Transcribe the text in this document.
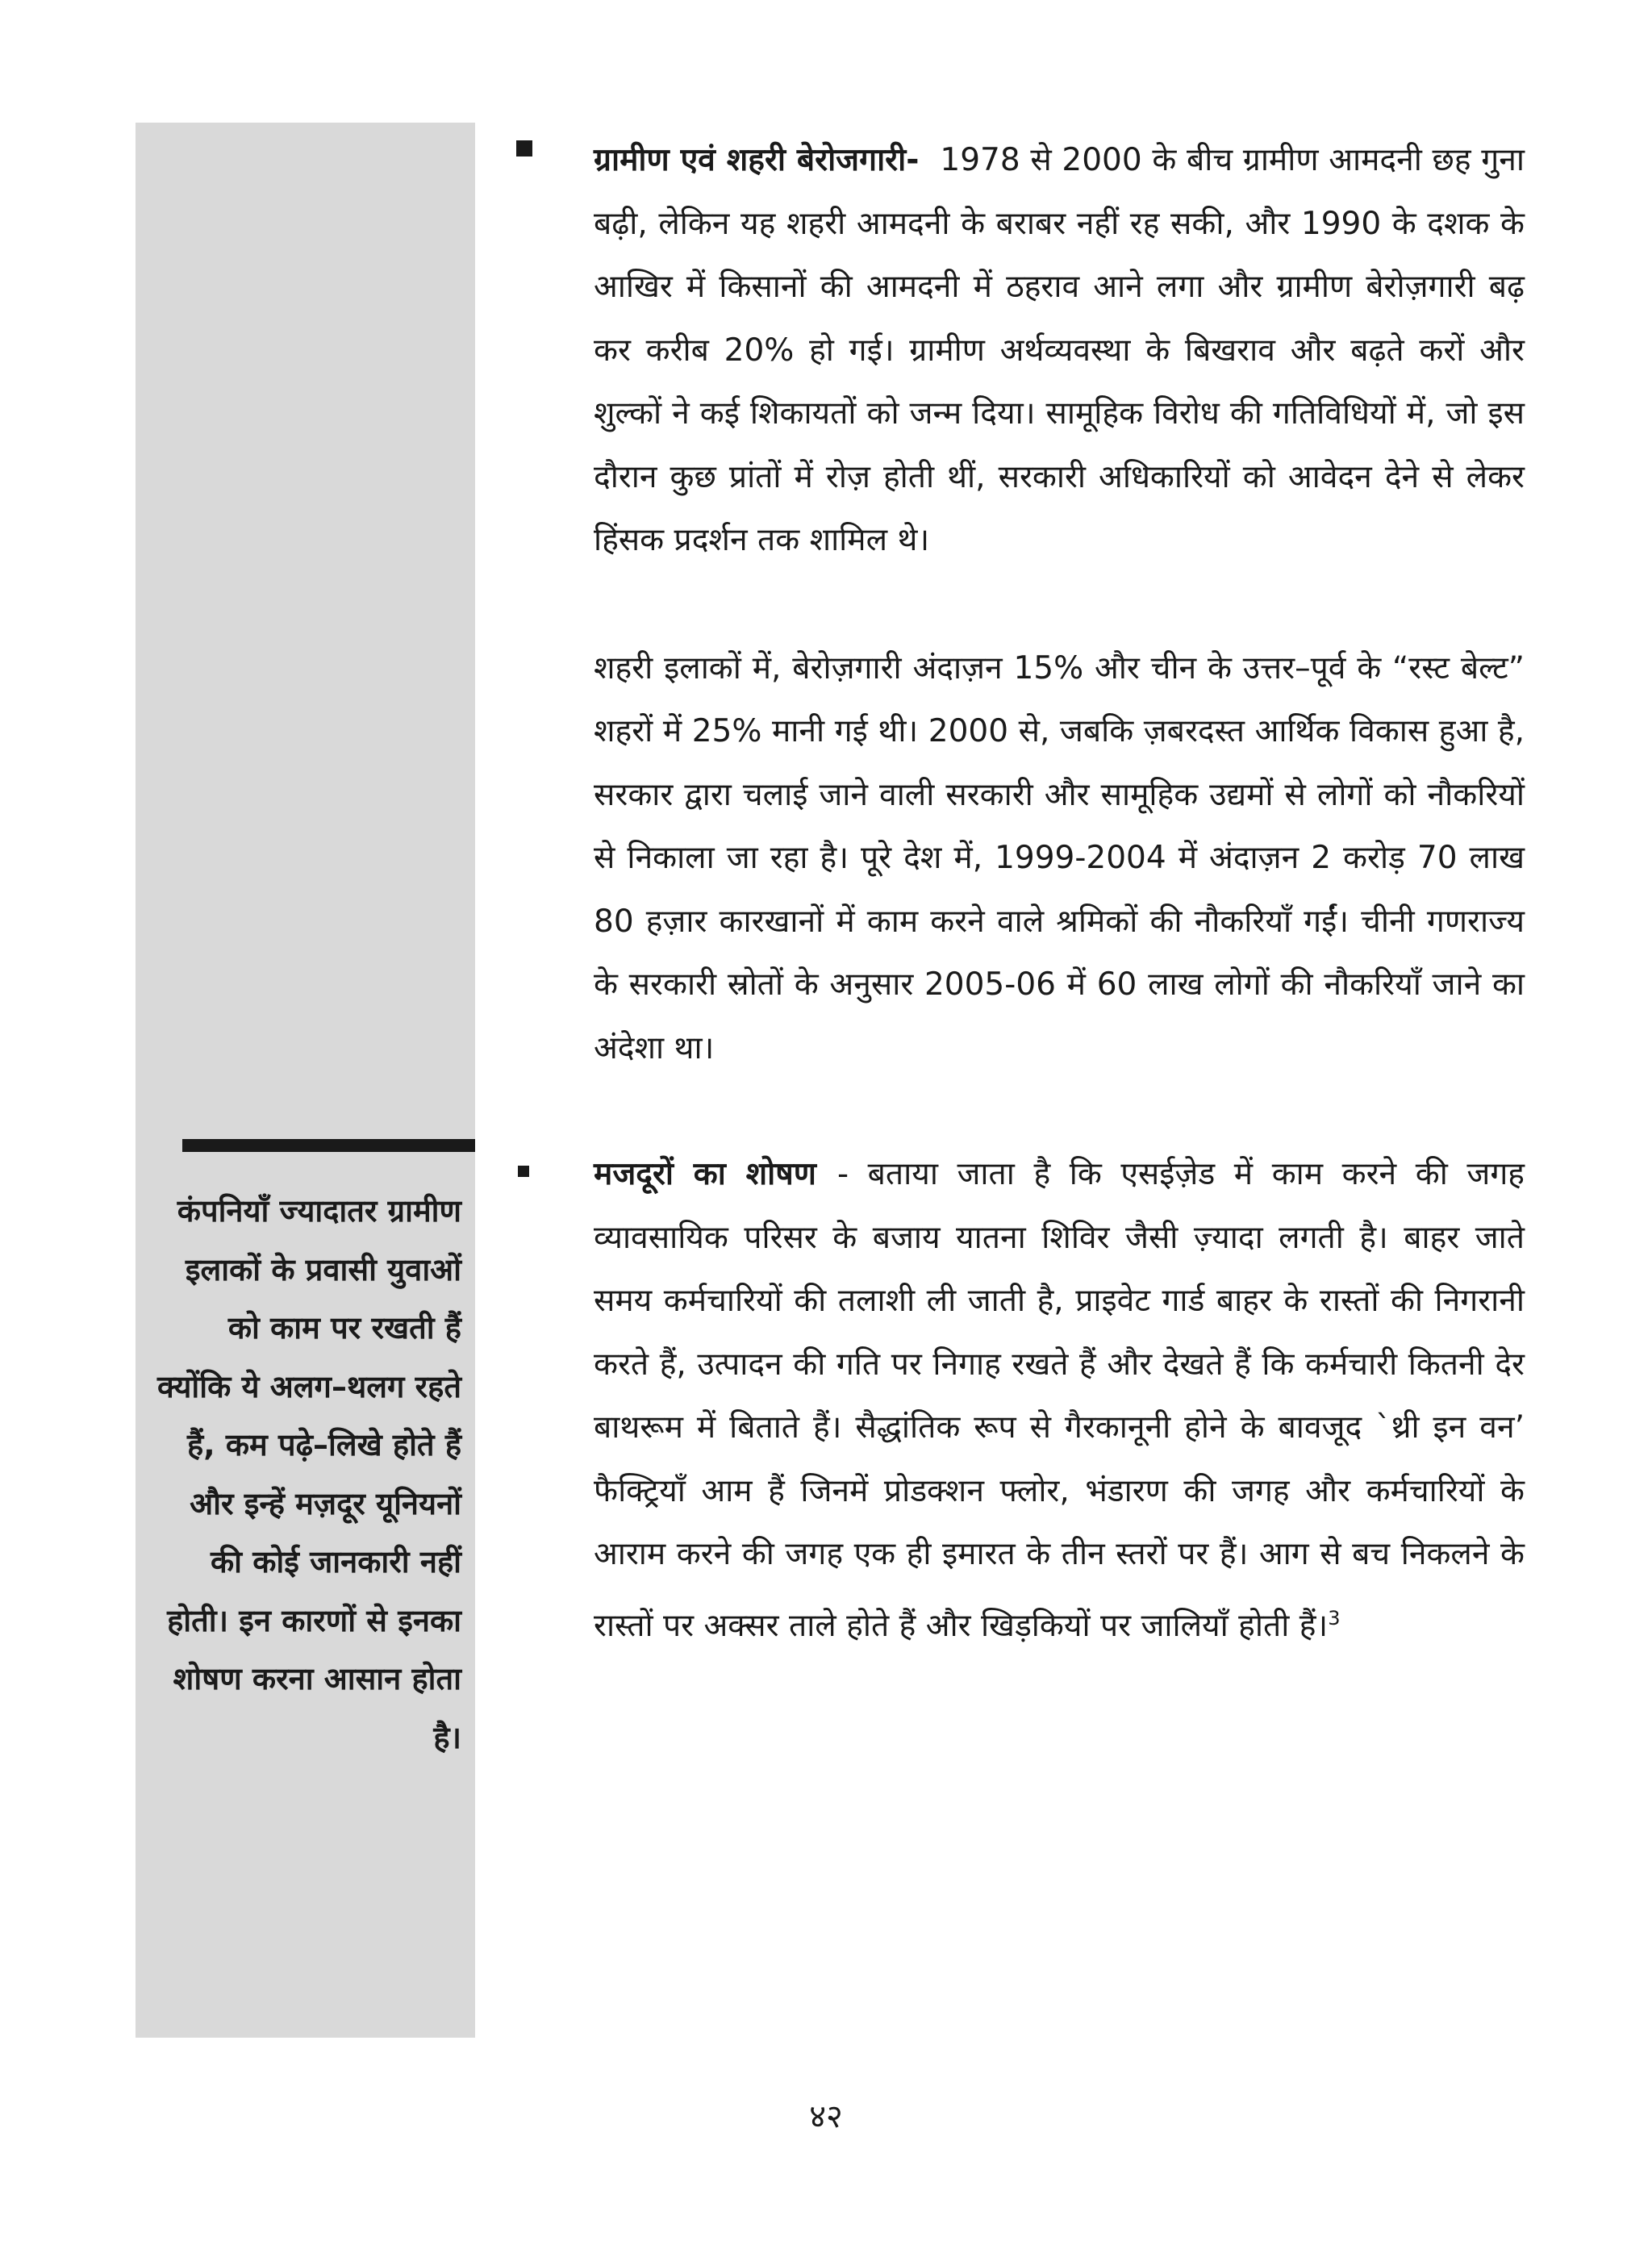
कंपनियाँ ज्यादातर ग्रामीण इलाकों के प्रवासी युवाओं को काम पर रखती हैं क्योंकि ये अलग–थलग रहते हैं, कम पढ़े–लिखे होते हैं और इन्हें मज़दूर यूनियनों की कोई जानकारी नहीं होती। इन कारणों से इनका शोषण करना आसान होता है।

ग्रामीण एवं शहरी बेरोजगारी- 1978 से 2000 के बीच ग्रामीण आमदनी छह गुना बढ़ी, लेकिन यह शहरी आमदनी के बराबर नहीं रह सकी, और 1990 के दशक के आखिर में किसानों की आमदनी में ठहराव आने लगा और ग्रामीण बेरोज़गारी बढ़ कर करीब 20% हो गई। ग्रामीण अर्थव्यवस्था के बिखराव और बढ़ते करों और शुल्कों ने कई शिकायतों को जन्म दिया। सामूहिक विरोध की गतिविधियों में, जो इस दौरान कुछ प्रांतों में रोज़ होती थीं, सरकारी अधिकारियों को आवेदन देने से लेकर हिंसक प्रदर्शन तक शामिल थे।

शहरी इलाकों में, बेरोज़गारी अंदाज़न 15% और चीन के उत्तर–पूर्व के “रस्ट बेल्ट” शहरों में 25% मानी गई थी। 2000 से, जबकि ज़बरदस्त आर्थिक विकास हुआ है, सरकार द्वारा चलाई जाने वाली सरकारी और सामूहिक उद्यमों से लोगों को नौकरियों से निकाला जा रहा है। पूरे देश में, 1999-2004 में अंदाज़न 2 करोड़ 70 लाख 80 हज़ार कारखानों में काम करने वाले श्रमिकों की नौकरियाँ गईं। चीनी गणराज्य के सरकारी स्रोतों के अनुसार 2005-06 में 60 लाख लोगों की नौकरियाँ जाने का अंदेशा था।

मजदूरों का शोषण - बताया जाता है कि एसईज़ेड में काम करने की जगह व्यावसायिक परिसर के बजाय यातना शिविर जैसी ज़्यादा लगती है। बाहर जाते समय कर्मचारियों की तलाशी ली जाती है, प्राइवेट गार्ड बाहर के रास्तों की निगरानी करते हैं, उत्पादन की गति पर निगाह रखते हैं और देखते हैं कि कर्मचारी कितनी देर बाथरूम में बिताते हैं। सैद्धांतिक रूप से गैरकानूनी होने के बावजूद `थ्री इन वन’ फैक्ट्रियाँ आम हैं जिनमें प्रोडक्शन फ्लोर, भंडारण की जगह और कर्मचारियों के आराम करने की जगह एक ही इमारत के तीन स्तरों पर हैं। आग से बच निकलने के रास्तों पर अक्सर ताले होते हैं और खिड़कियों पर जालियाँ होती हैं।$^3$

४२
